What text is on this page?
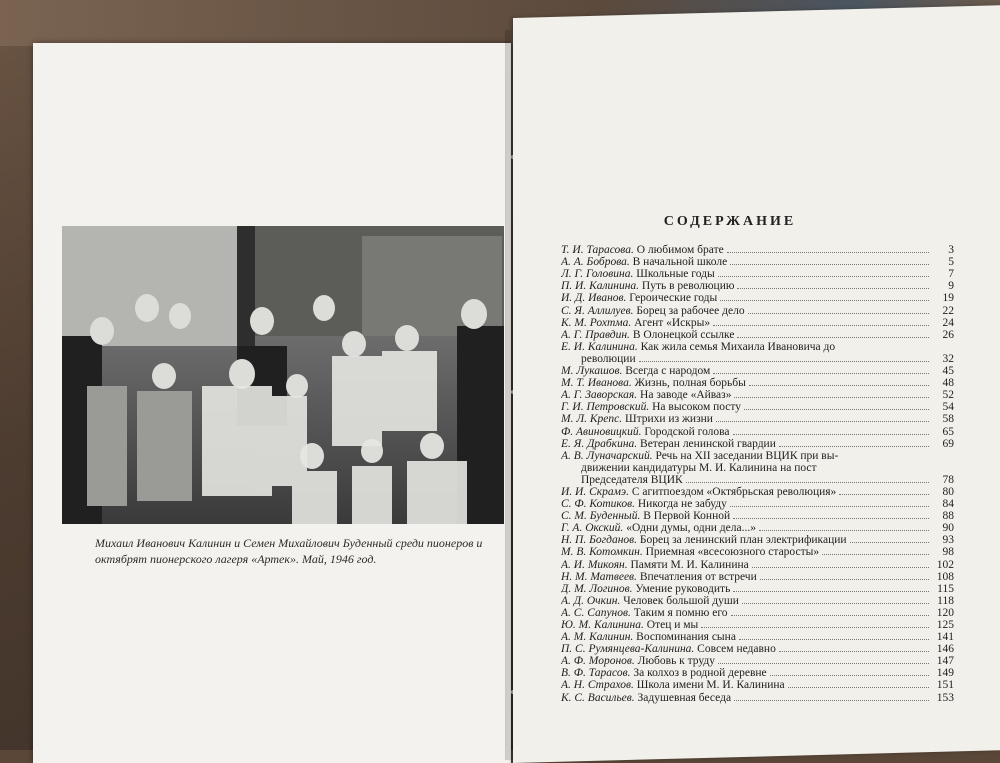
Михаил Иванович Калинин и Семен Михайлович Буденный среди пионеров и октябрят пионерского лагеря «Артек». Май, 1946 год.
СОДЕРЖАНИЕ
Т. И. Тарасова. О любимом брате	3
А. А. Боброва. В начальной школе	5
Л. Г. Головина. Школьные годы	7
П. И. Калинина. Путь в революцию	9
И. Д. Иванов. Героические годы	19
С. Я. Аллилуев. Борец за рабочее дело	22
К. М. Рохтма. Агент «Искры»	24
А. Г. Правдин. В Олонецкой ссылке	26
Е. И. Калинина. Как жила семья Михаила Ивановича до
революции	32
М. Лукашов. Всегда с народом	45
М. Т. Иванова. Жизнь, полная борьбы	48
А. Г. Заворская. На заводе «Айваз»	52
Г. И. Петровский. На высоком посту	54
М. Л. Крепс. Штрихи из жизни	58
Ф. Авиновицкий. Городской голова	65
Е. Я. Драбкина. Ветеран ленинской гвардии	69
А. В. Луначарский. Речь на XII заседании ВЦИК при вы-
движении кандидатуры М. И. Калинина на пост
Председателя ВЦИК	78
И. И. Скрамэ. С агитпоездом «Октябрьская революция»	80
С. Ф. Котиков. Никогда не забуду	84
С. М. Буденный. В Первой Конной	88
Г. А. Окский. «Одни думы, одни дела...»	90
Н. П. Богданов. Борец за ленинский план электрификации	93
М. В. Котомкин. Приемная «всесоюзного старосты»	98
А. И. Микоян. Памяти М. И. Калинина	102
Н. М. Матвеев. Впечатления от встречи	108
Д. М. Логинов. Умение руководить	115
А. Д. Очкин. Человек большой души	118
А. С. Сапунов. Таким я помню его	120
Ю. М. Калинина. Отец и мы	125
А. М. Калинин. Воспоминания сына	141
П. С. Румянцева-Калинина. Совсем недавно	146
А. Ф. Моронов. Любовь к труду	147
В. Ф. Тарасов. За колхоз в родной деревне	149
А. Н. Страхов. Школа имени М. И. Калинина	151
К. С. Васильев. Задушевная беседа	153
